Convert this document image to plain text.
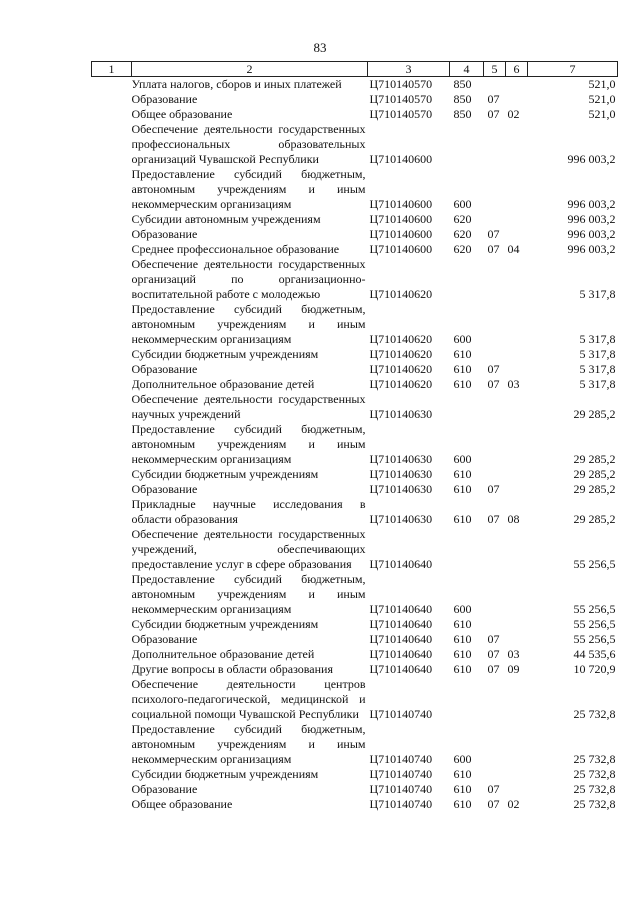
83
1	2	3	4	5	6	7
	Уплата налогов, сборов и иных платежей	Ц710140570	850			521,0
	Образование	Ц710140570	850	07		521,0
	Общее образование	Ц710140570	850	07	02	521,0
	Обеспечение деятельности государственных профессиональных образовательных организаций Чувашской Республики	Ц710140600				996 003,2
	Предоставление субсидий бюджетным, автономным учреждениям и иным некоммерческим организациям	Ц710140600	600			996 003,2
	Субсидии автономным учреждениям	Ц710140600	620			996 003,2
	Образование	Ц710140600	620	07		996 003,2
	Среднее профессиональное образование	Ц710140600	620	07	04	996 003,2
	Обеспечение деятельности государственных организаций по организационно-воспитательной работе с молодежью	Ц710140620				5 317,8
	Предоставление субсидий бюджетным, автономным учреждениям и иным некоммерческим организациям	Ц710140620	600			5 317,8
	Субсидии бюджетным учреждениям	Ц710140620	610			5 317,8
	Образование	Ц710140620	610	07		5 317,8
	Дополнительное образование детей	Ц710140620	610	07	03	5 317,8
	Обеспечение деятельности государственных научных учреждений	Ц710140630				29 285,2
	Предоставление субсидий бюджетным, автономным учреждениям и иным некоммерческим организациям	Ц710140630	600			29 285,2
	Субсидии бюджетным учреждениям	Ц710140630	610			29 285,2
	Образование	Ц710140630	610	07		29 285,2
	Прикладные научные исследования в области образования	Ц710140630	610	07	08	29 285,2
	Обеспечение деятельности государственных учреждений, обеспечивающих предоставление услуг в сфере образования	Ц710140640				55 256,5
	Предоставление субсидий бюджетным, автономным учреждениям и иным некоммерческим организациям	Ц710140640	600			55 256,5
	Субсидии бюджетным учреждениям	Ц710140640	610			55 256,5
	Образование	Ц710140640	610	07		55 256,5
	Дополнительное образование детей	Ц710140640	610	07	03	44 535,6
	Другие вопросы в области образования	Ц710140640	610	07	09	10 720,9
	Обеспечение деятельности центров психолого-педагогической, медицинской и социальной помощи Чувашской Республики	Ц710140740				25 732,8
	Предоставление субсидий бюджетным, автономным учреждениям и иным некоммерческим организациям	Ц710140740	600			25 732,8
	Субсидии бюджетным учреждениям	Ц710140740	610			25 732,8
	Образование	Ц710140740	610	07		25 732,8
	Общее образование	Ц710140740	610	07	02	25 732,8
